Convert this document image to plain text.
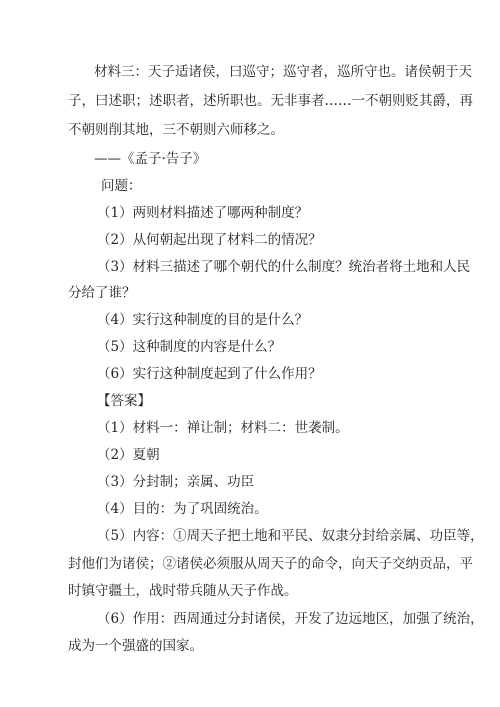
材料三：天子适诸侯，曰巡守；巡守者，巡所守也。诸侯朝于天
子，曰述职；述职者，述所职也。无非事者……一不朝则贬其爵，再
不朝则削其地，三不朝则六师移之。
——《孟子·告子》
问题：
（1）两则材料描述了哪两种制度？
（2）从何朝起出现了材料二的情况？
（3）材料三描述了哪个朝代的什么制度？统治者将土地和人民
分给了谁？
（4）实行这种制度的目的是什么？
（5）这种制度的内容是什么？
（6）实行这种制度起到了什么作用？
【答案】
（1）材料一：禅让制；材料二：世袭制。
（2）夏朝
（3）分封制；亲属、功臣
（4）目的：为了巩固统治。
（5）内容：①周天子把土地和平民、奴隶分封给亲属、功臣等，
封他们为诸侯；②诸侯必须服从周天子的命令，向天子交纳贡品，平
时镇守疆土，战时带兵随从天子作战。
（6）作用：西周通过分封诸侯，开发了边远地区，加强了统治，
成为一个强盛的国家。
